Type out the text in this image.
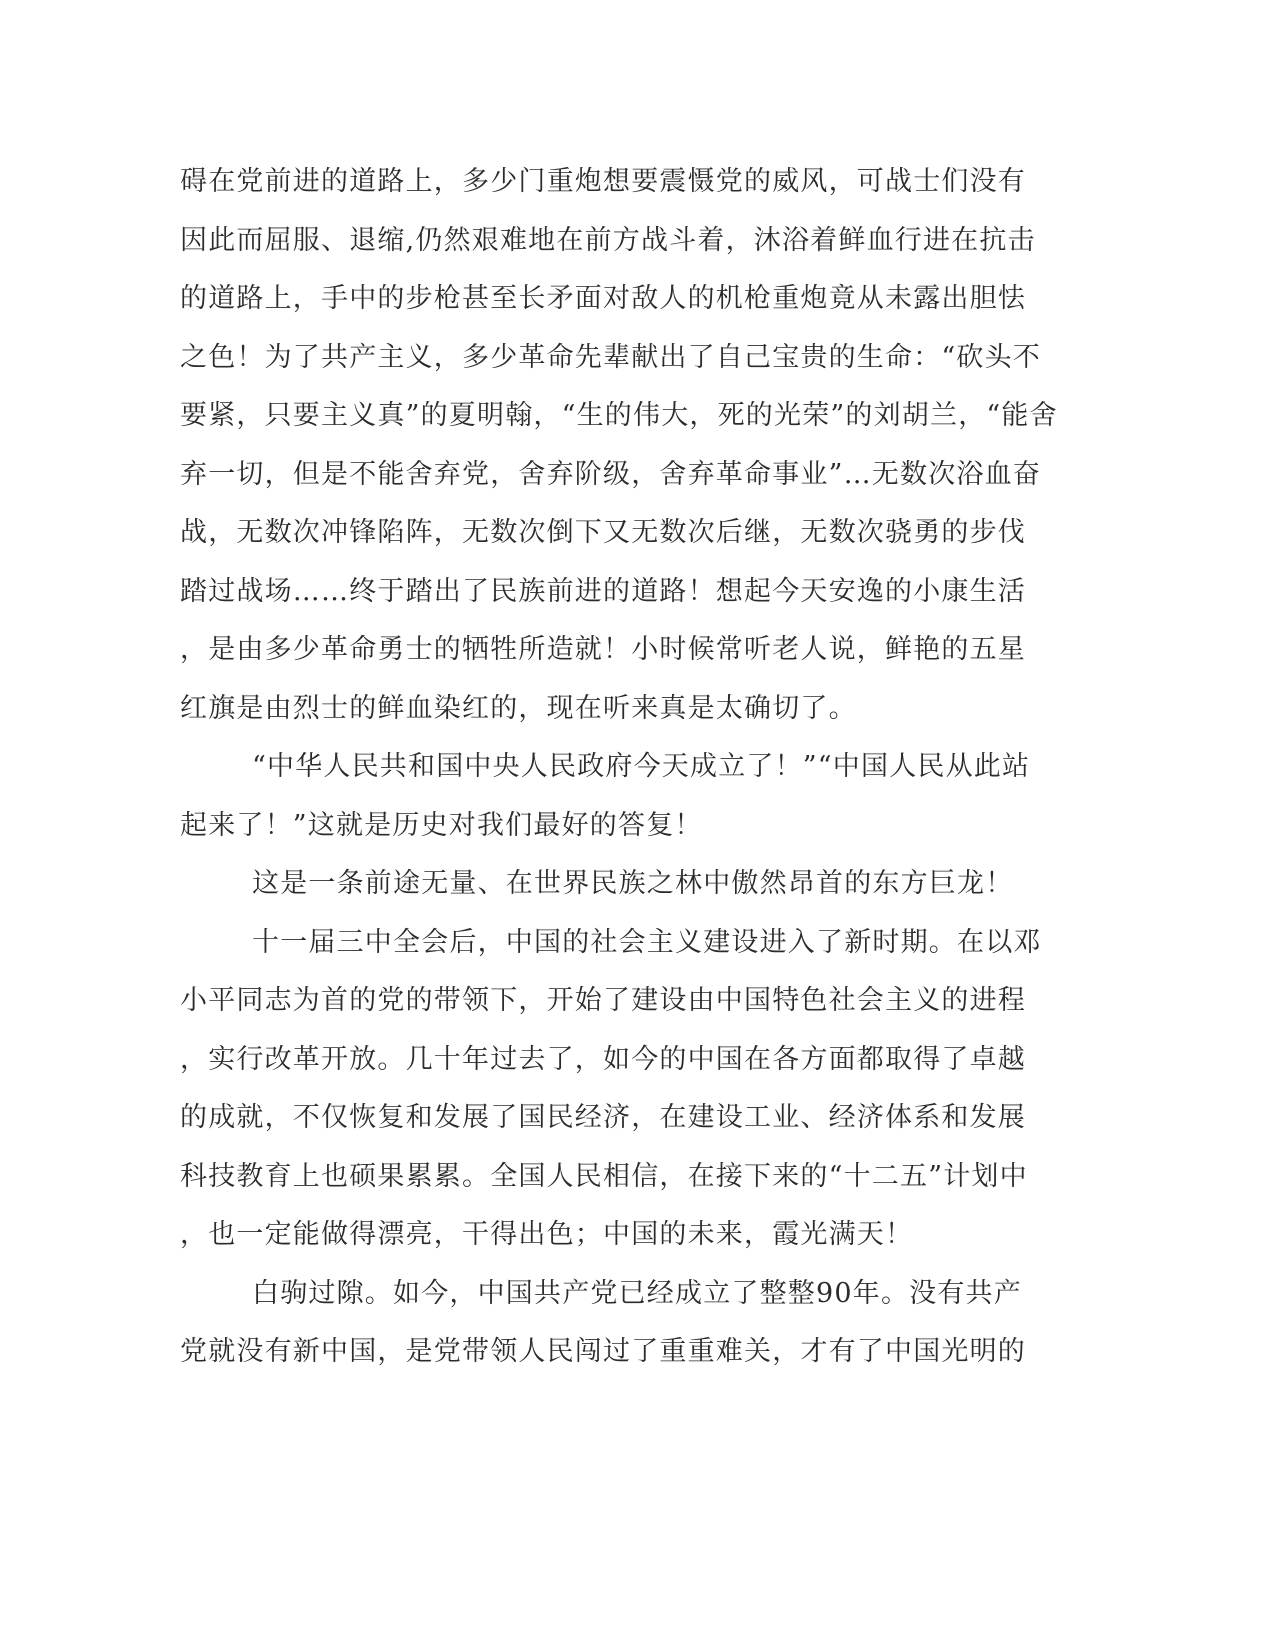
碍在党前进的道路上，多少门重炮想要震慑党的威风，可战士们没有
因此而屈服、退缩,仍然艰难地在前方战斗着，沐浴着鲜血行进在抗击
的道路上，手中的步枪甚至长矛面对敌人的机枪重炮竟从未露出胆怯
之色！为了共产主义，多少革命先辈献出了自己宝贵的生命：“砍头不
要紧，只要主义真”的夏明翰，“生的伟大，死的光荣”的刘胡兰，“能舍
弃一切，但是不能舍弃党，舍弃阶级，舍弃革命事业”…无数次浴血奋
战，无数次冲锋陷阵，无数次倒下又无数次后继，无数次骁勇的步伐
踏过战场……终于踏出了民族前进的道路！想起今天安逸的小康生活
，是由多少革命勇士的牺牲所造就！小时候常听老人说，鲜艳的五星
红旗是由烈士的鲜血染红的，现在听来真是太确切了。
“中华人民共和国中央人民政府今天成立了！”“中国人民从此站
起来了！”这就是历史对我们最好的答复！
这是一条前途无量、在世界民族之林中傲然昂首的东方巨龙！
十一届三中全会后，中国的社会主义建设进入了新时期。在以邓
小平同志为首的党的带领下，开始了建设由中国特色社会主义的进程
，实行改革开放。几十年过去了，如今的中国在各方面都取得了卓越
的成就，不仅恢复和发展了国民经济，在建设工业、经济体系和发展
科技教育上也硕果累累。全国人民相信，在接下来的“十二五”计划中
，也一定能做得漂亮，干得出色；中国的未来，霞光满天！
白驹过隙。如今，中国共产党已经成立了整整90年。没有共产
党就没有新中国，是党带领人民闯过了重重难关，才有了中国光明的
